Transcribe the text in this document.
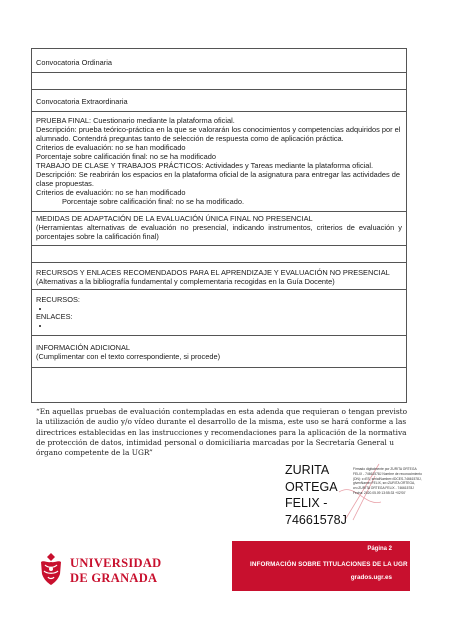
Convocatoria Ordinaria
Convocatoria Extraordinaria
PRUEBA FINAL: Cuestionario mediante la plataforma oficial.
Descripción: prueba teórico-práctica en la que se valorarán los conocimientos y competencias adquiridos por el alumnado. Contendrá preguntas tanto de selección de respuesta como de aplicación práctica.
Criterios de evaluación: no se han modificado
Porcentaje sobre calificación final: no se ha modificado
TRABAJO DE CLASE Y TRABAJOS PRÁCTICOS: Actividades y Tareas mediante la plataforma oficial.
Descripción: Se reabrirán los espacios en la plataforma oficial de la asignatura para entregar las actividades de clase propuestas.
Criterios de evaluación: no se han modificado
Porcentaje sobre calificación final: no se ha modificado.
MEDIDAS DE ADAPTACIÓN DE LA EVALUACIÓN ÚNICA FINAL NO PRESENCIAL
(Herramientas alternativas de evaluación no presencial, indicando instrumentos, criterios de evaluación y porcentajes sobre la calificación final)
RECURSOS Y ENLACES RECOMENDADOS PARA EL APRENDIZAJE Y EVALUACIÓN NO PRESENCIAL
(Alternativas a la bibliografía fundamental y complementaria recogidas en la Guía Docente)
RECURSOS:
•
ENLACES:
•
INFORMACIÓN ADICIONAL
(Cumplimentar con el texto correspondiente, si procede)
“En aquellas pruebas de evaluación contempladas en esta adenda que requieran o tengan previsto la utilización de audio y/o vídeo durante el desarrollo de la misma, este uso se hará conforme a las directrices establecidas en las instrucciones y recomendaciones para la aplicación de la normativa de protección de datos, intimidad personal o domiciliaria marcadas por la Secretaría General u órgano competente de la UGR”
ZURITA
ORTEGA
FELIX -
74661578J
Firmado digitalmente por ZURITA ORTEGA FELIX - 74661578J Nombre de reconocimiento (DN): c=ES, serialNumber=IDCES-74661578J, givenName=FELIX, sn=ZURITA ORTEGA, cn=ZURITA ORTEGA FELIX - 74661578J Fecha: 2020.05.09 13:55:33 +02'00'
UNIVERSIDAD
DE GRANADA
Página 2
INFORMACIÓN SOBRE TITULACIONES DE LA UGR
grados.ugr.es
